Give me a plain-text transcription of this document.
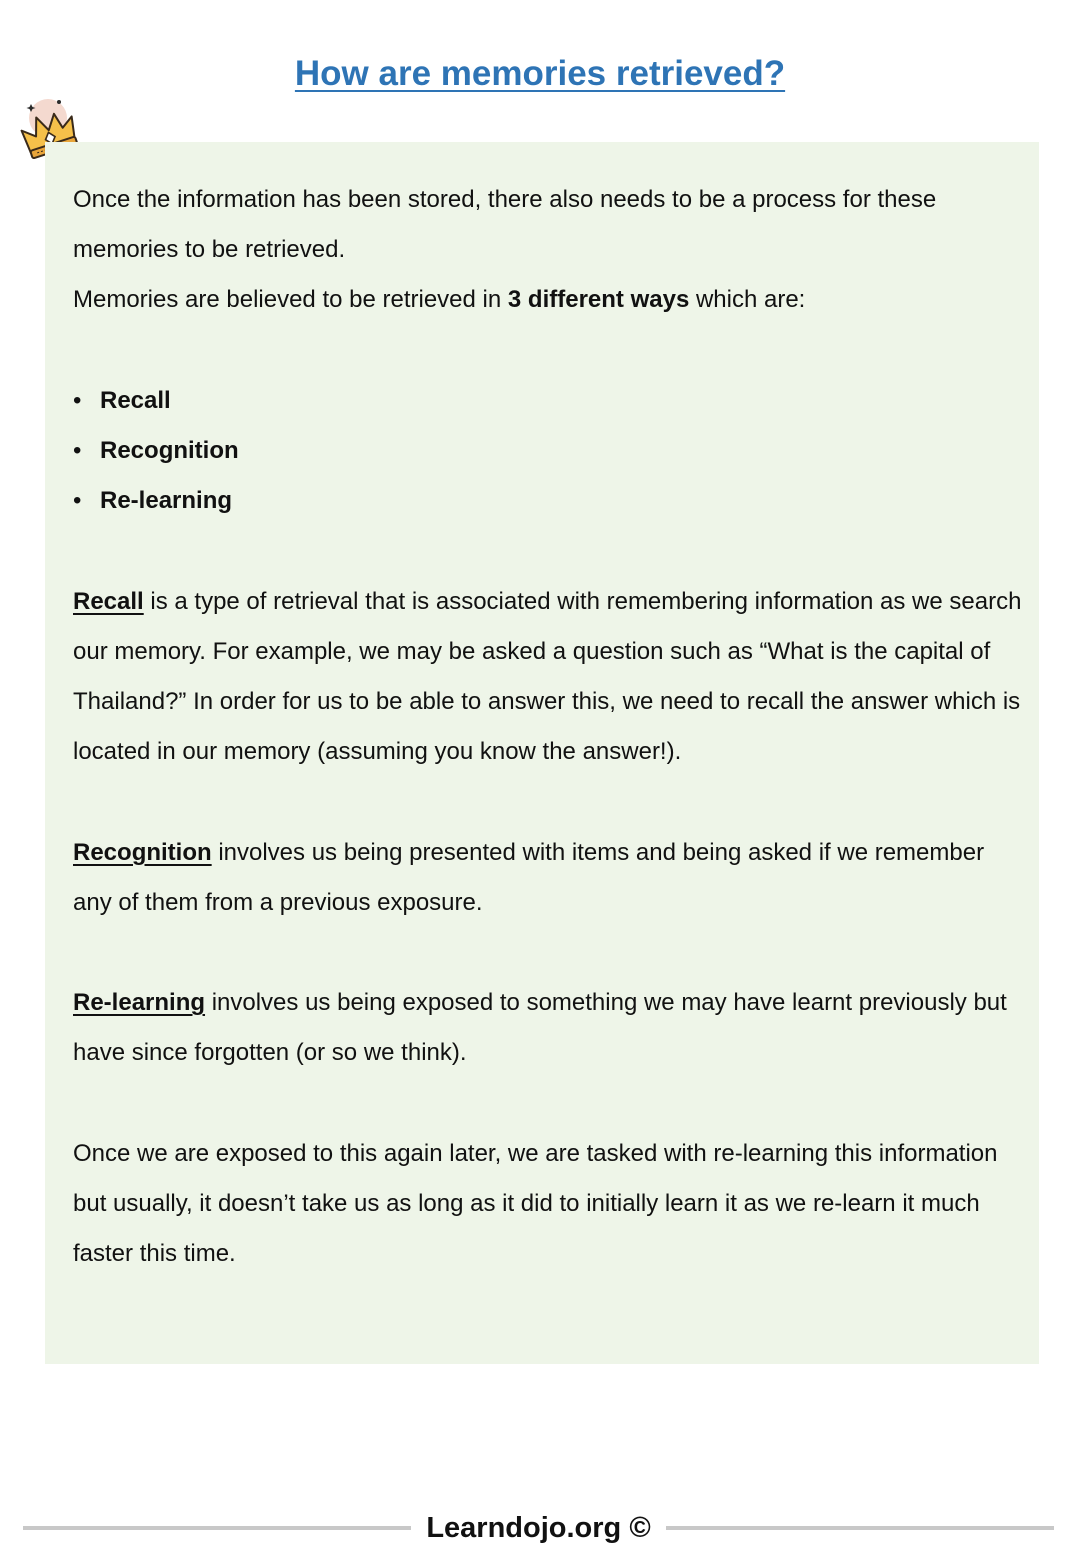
How are memories retrieved?

Once the information has been stored, there also needs to be a process for these memories to be retrieved.

Memories are believed to be retrieved in 3 different ways which are:

• Recall
• Recognition
• Re-learning

Recall is a type of retrieval that is associated with remembering information as we search our memory. For example, we may be asked a question such as “What is the capital of Thailand?” In order for us to be able to answer this, we need to recall the answer which is located in our memory (assuming you know the answer!).

Recognition involves us being presented with items and being asked if we remember any of them from a previous exposure.

Re-learning involves us being exposed to something we may have learnt previously but have since forgotten (or so we think).

Once we are exposed to this again later, we are tasked with re-learning this information but usually, it doesn’t take us as long as it did to initially learn it as we re-learn it much faster this time.

Learndojo.org ©
